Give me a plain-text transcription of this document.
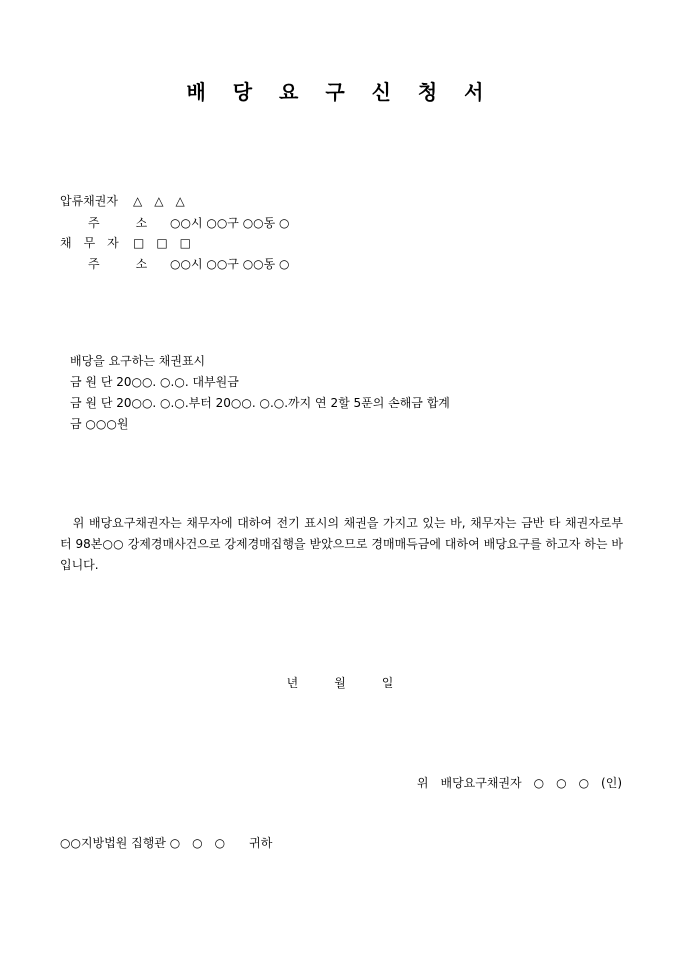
배 당 요 구 신 청 서
압류채권자 △　△　△
주　　　소 ○○시 ○○구 ○○동 ○
채　무　자 □　□　□
주　　　소 ○○시 ○○구 ○○동 ○
배당을 요구하는 채권표시
금 원 단 20○○. ○.○. 대부원금
금 원 단 20○○. ○.○.부터 20○○. ○.○.까지 연 2할 5푼의 손해금 합계
금 ○○○원
　위 배당요구채권자는 채무자에 대하여 전기 표시의 채권을 가지고 있는 바, 채무자는 금반 타 채권자로부터 98본○○ 강제경매사건으로 강제경매집행을 받았으므로 경매매득금에 대하여 배당요구를 하고자 하는 바입니다.
년　　　월　　　일
위　배당요구채권자　○　○　○　(인)
○○지방법원 집행관 ○　○　○　　귀하
